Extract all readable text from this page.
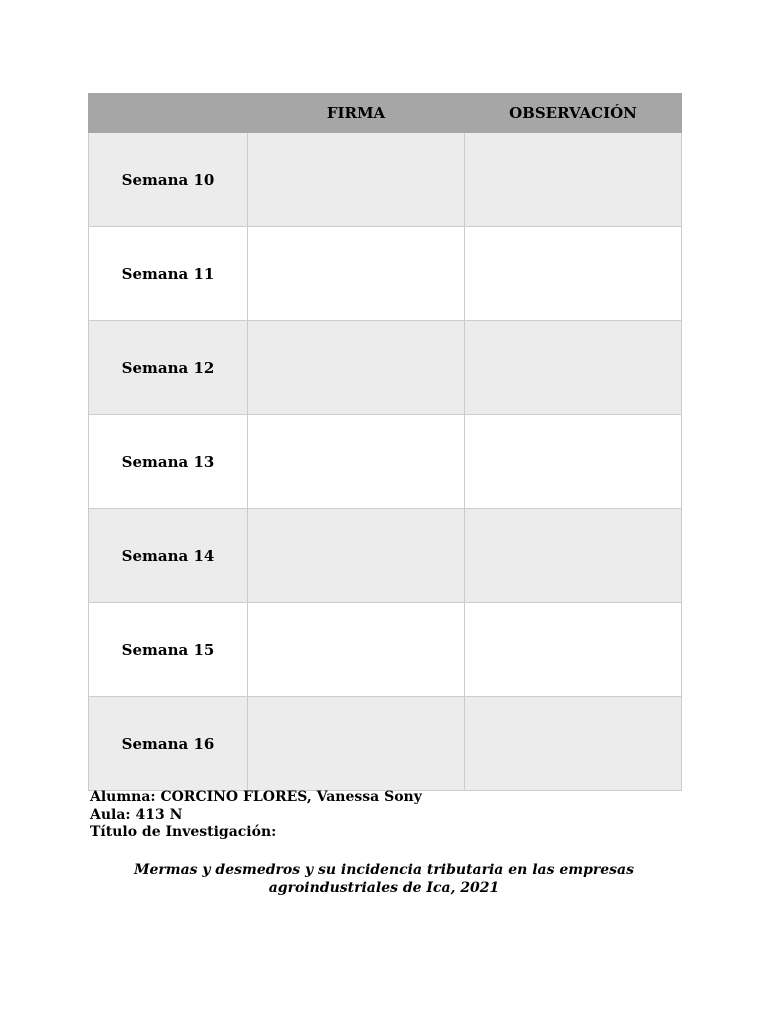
	FIRMA	OBSERVACIÓN
Semana 10		
Semana 11		
Semana 12		
Semana 13		
Semana 14		
Semana 15		
Semana 16		
Alumna: CORCINO FLORES, Vanessa Sony
Aula: 413 N
Título de Investigación:
Mermas y desmedros y su incidencia tributaria en las empresas agroindustriales de Ica, 2021
